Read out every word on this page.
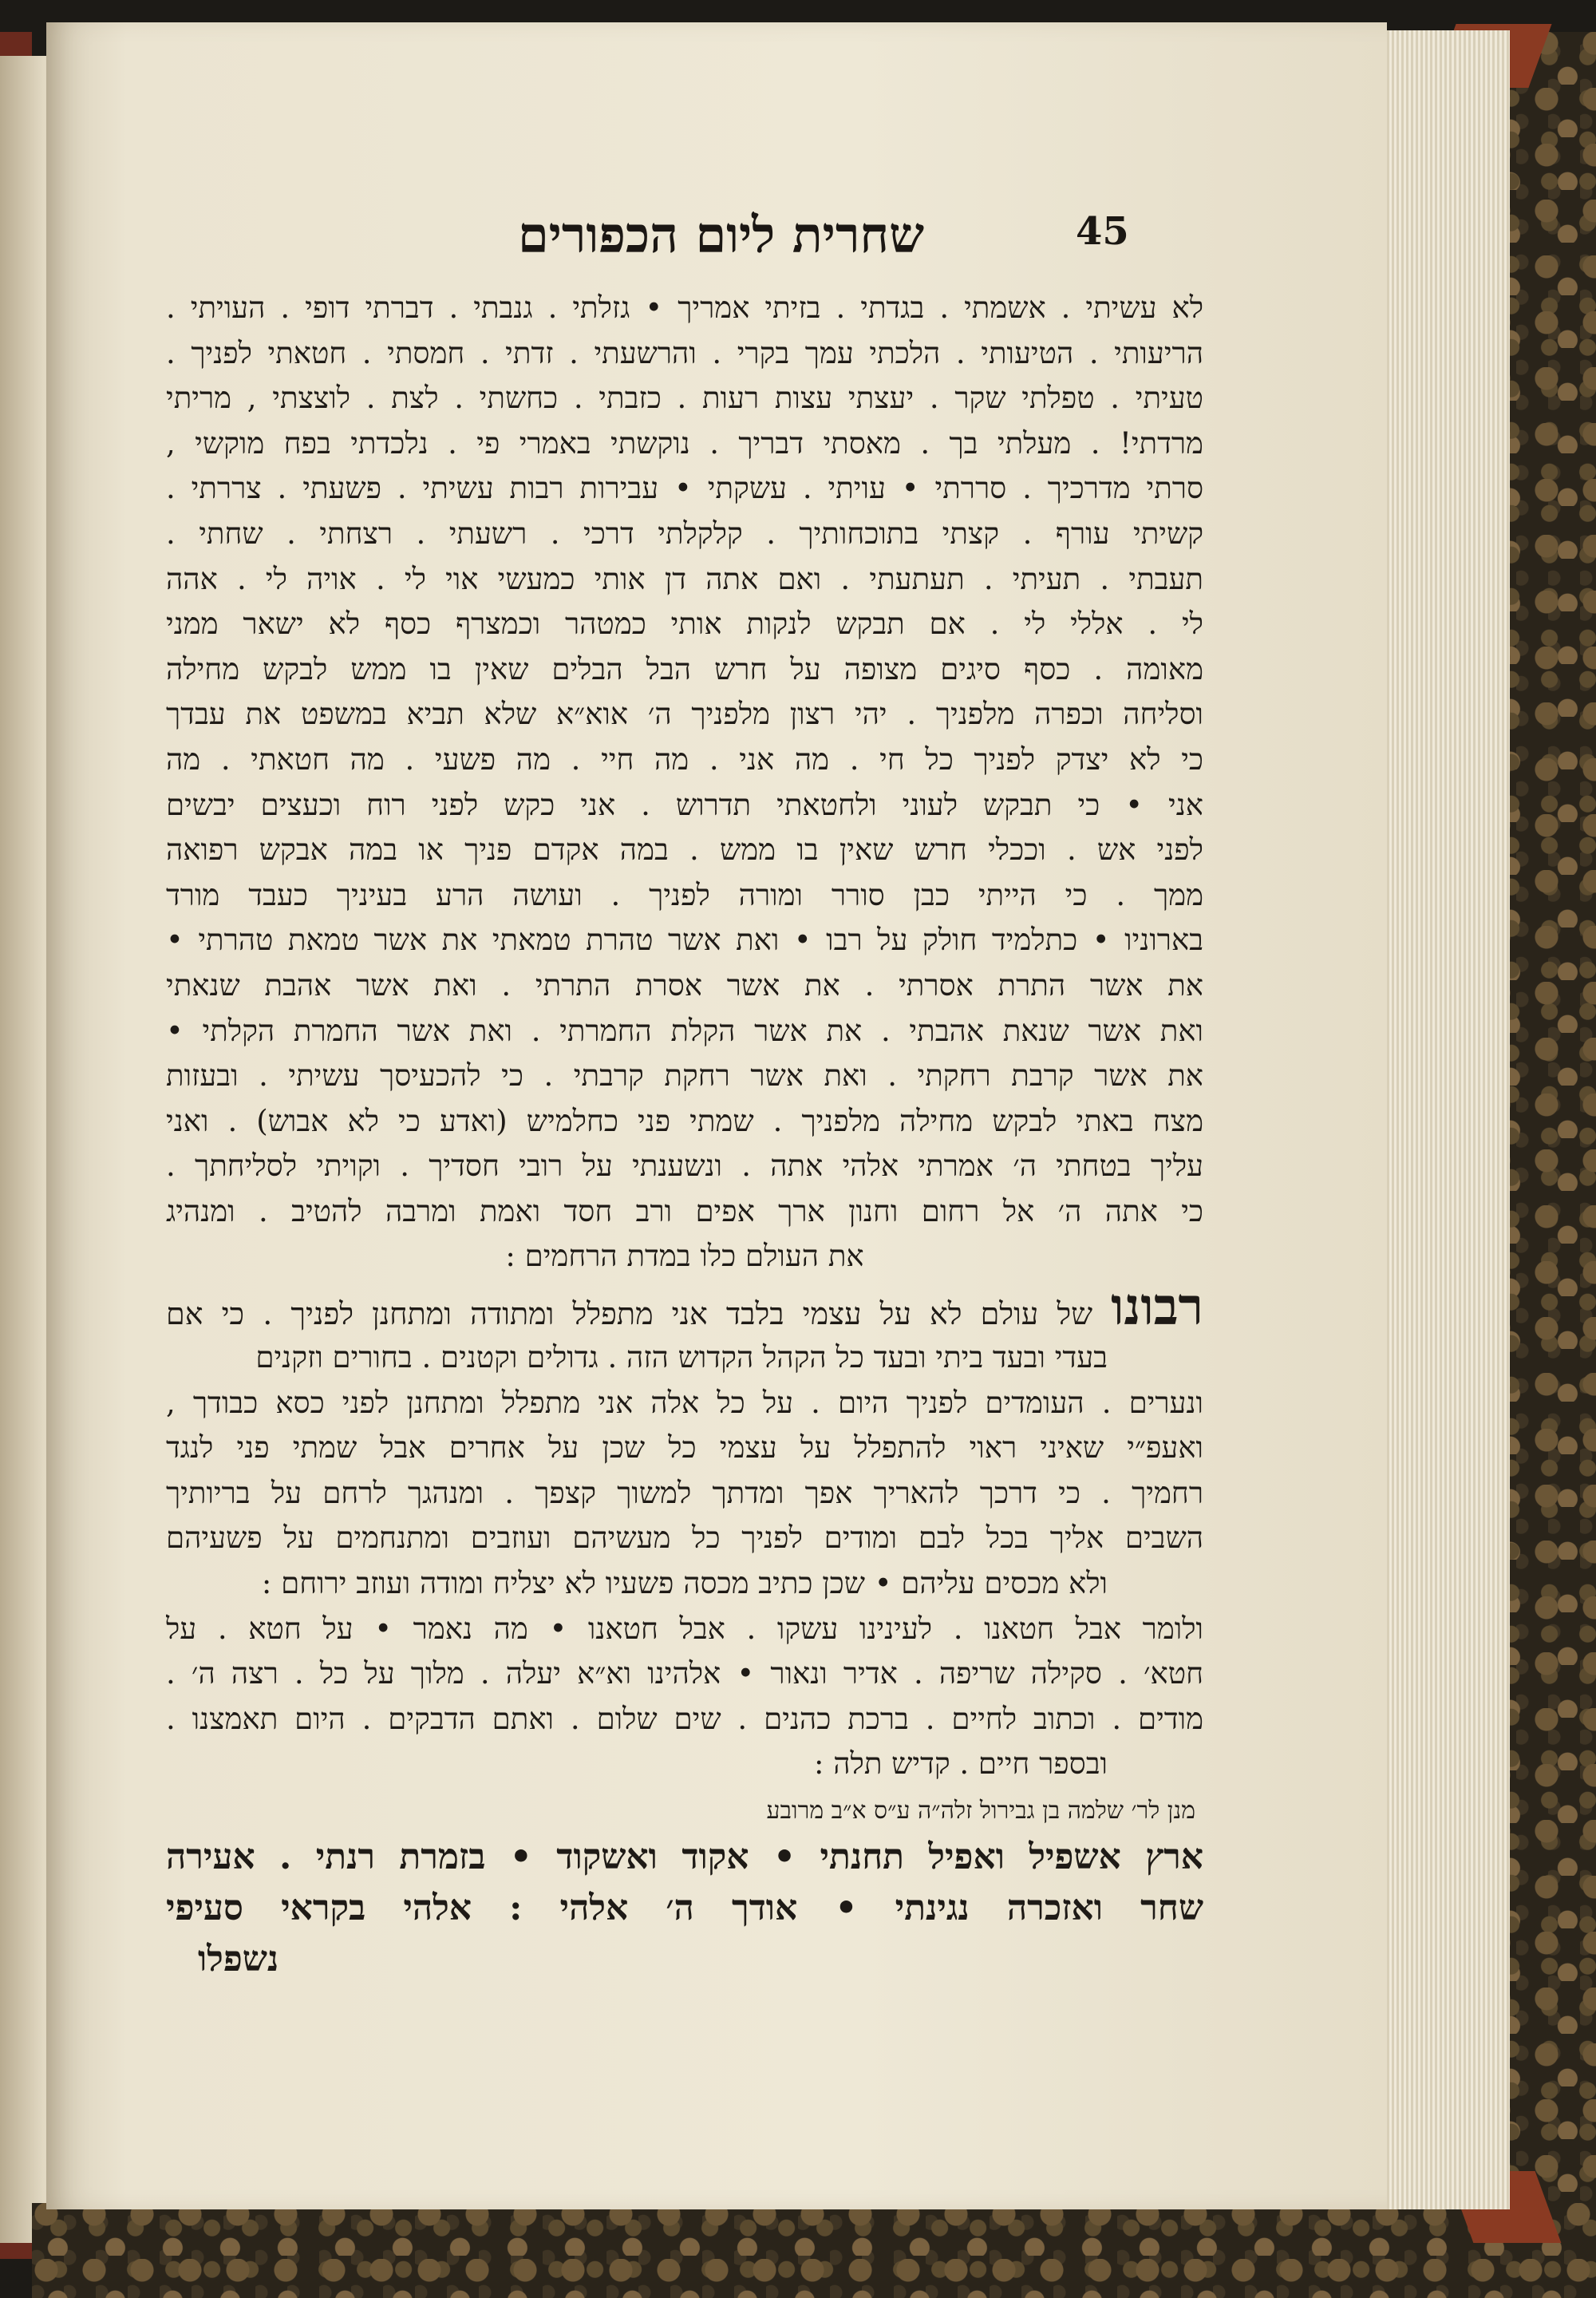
שחרית ליום הכפורים	45
לא עשיתי . אשמתי . בגדתי . בזיתי אמריך • גזלתי . גנבתי . דברתי דופי . העויתי .
הריעותי . הטיעותי . הלכתי עמך בקרי . והרשעתי . זדתי . חמסתי . חטאתי לפניך .
טעיתי . טפלתי שקר . יעצתי עצות רעות . כזבתי . כחשתי . לצת . לוצצתי , מריתי
מרדתי! . מעלתי בך . מאסתי דבריך . נוקשתי באמרי פי . נלכדתי בפח מוקשי ,
סרתי מדרכיך . סררתי • עויתי . עשקתי • עבירות רבות עשיתי . פשעתי . צררתי .
קשיתי עורף . קצתי בתוכחותיך . קלקלתי דרכי . רשעתי . רצחתי . שחתי .
תעבתי . תעיתי . תעתעתי . ואם אתה דן אותי כמעשי אוי לי . אויה לי . אהה
לי . אללי לי . אם תבקש לנקות אותי כמטהר וכמצרף כסף לא ישאר ממני
מאומה . כסף סיגים מצופה על חרש הבל הבלים שאין בו ממש לבקש מחילה
וסליחה וכפרה מלפניך . יהי רצון מלפניך ה׳ אוא״א שלא תביא במשפט את עבדך
כי לא יצדק לפניך כל חי . מה אני . מה חיי . מה פשעי . מה חטאתי . מה
אני • כי תבקש לעוני ולחטאתי תדרוש . אני כקש לפני רוח וכעצים יבשים
לפני אש . וככלי חרש שאין בו ממש . במה אקדם פניך או במה אבקש רפואה
ממך . כי הייתי כבן סורר ומורה לפניך . ועושה הרע בעיניך כעבד מורד
בארוניו • כתלמיד חולק על רבו • ואת אשר טהרת טמאתי את אשר טמאת טהרתי •
את אשר התרת אסרתי . את אשר אסרת התרתי . ואת אשר אהבת שנאתי
ואת אשר שנאת אהבתי . את אשר הקלת החמרתי . ואת אשר החמרת הקלתי •
את אשר קרבת רחקתי . ואת אשר רחקת קרבתי . כי להכעיסך עשיתי . ובעזות
מצח באתי לבקש מחילה מלפניך . שמתי פני כחלמיש (ואדע כי לא אבוש) . ואני
עליך בטחתי ה׳ אמרתי אלהי אתה . ונשענתי על רובי חסדיך . וקויתי לסליחתך .
כי אתה ה׳ אל רחום וחנון ארך אפים ורב חסד ואמת ומרבה להטיב . ומנהיג
את העולם כלו במדת הרחמים :
רבונו של עולם לא על עצמי בלבד אני מתפלל ומתודה ומתחנן לפניך . כי אם
בעדי ובעד ביתי ובעד כל הקהל הקדוש הזה . גדולים וקטנים . בחורים וזקנים
ונערים . העומדים לפניך היום . על כל אלה אני מתפלל ומתחנן לפני כסא כבודך ,
ואעפ״י שאיני ראוי להתפלל על עצמי כל שכן על אחרים אבל שמתי פני לנגד
רחמיך . כי דרכך להאריך אפך ומדתך למשוך קצפך . ומנהגך לרחם על בריותיך
השבים אליך בכל לבם ומודים לפניך כל מעשיהם ועוזבים ומתנחמים על פשעיהם
ולא מכסים עליהם • שכן כתיב מכסה פשעיו לא יצליח ומודה ועוזב ירוחם :
ולומר אבל חטאנו . לעינינו עשקו . אבל חטאנו • מה נאמר • על חטא . על
חטא׳ . סקילה שריפה . אדיר ונאור • אלהינו וא״א יעלה . מלוך על כל . רצה ה׳ .
מודים . וכתוב לחיים . ברכת כהנים . שים שלום . ואתם הדבקים . היום תאמצנו .
ובספר חיים . קדיש תלה :
מנן לר׳ שלמה בן גבירול זלה״ה ע״ס א״ב מרובע
ארץ אשפיל ואפיל תחנתי • אקוד ואשקוד • בזמרת רנתי . אעירה
שחר ואזכרה נגינתי • אודך ה׳ אלהי : אלהי בקראי סעיפי
נשפלו
